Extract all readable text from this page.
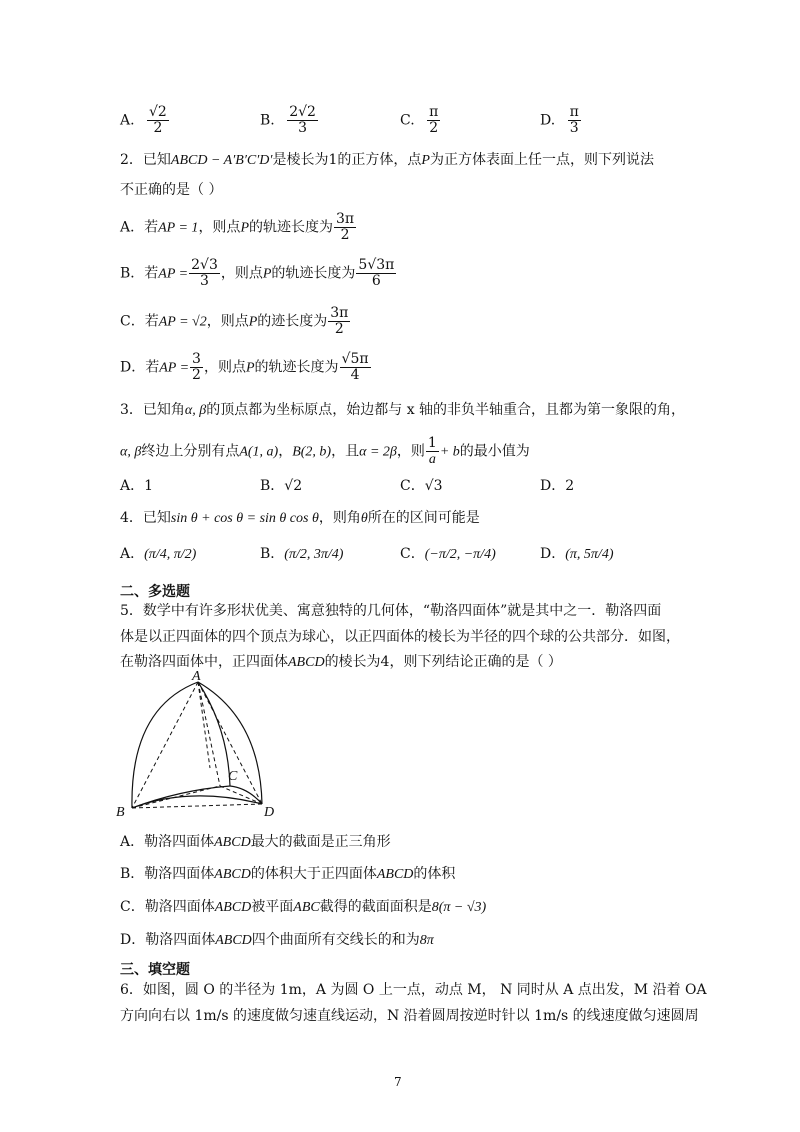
A. $\frac{√2}{2}$	B. $\frac{2√2}{3}$	C. $\frac{\pi}{2}$	D. $\frac{\pi}{3}$
2．已知ABCD − A′B′C′D′是棱长为1的正方体，点P为正方体表面上任一点，则下列说法
不正确的是（ ）
A．若AP = 1，则点P的轨迹长度为 $\frac{3\pi}{2}$
B．若AP = $\frac{2√3}{3}$ ，则点P的轨迹长度为 $\frac{5√3\pi}{6}$
C．若AP = √2，则点P的迹长度为 $\frac{3\pi}{2}$
D．若AP = $\frac{3}{2}$ ，则点P的轨迹长度为 $\frac{√5\pi}{4}$
3．已知角α, β的顶点都为坐标原点，始边都与 x 轴的非负半轴重合，且都为第一象限的角，
α, β终边上分别有点A(1, a)，B(2, b)，且α = 2β，则 $\frac{1}{a} + b$的最小值为
A．1	B．√2	C．√3	D．2
4．已知sin θ + cos θ = sin θ cos θ，则角θ所在的区间可能是
A．(π/4, π/2)	B．(π/2, 3π/4)	C．(−π/2, −π/4)	D．(π, 5π/4)
二、多选题
5．数学中有许多形状优美、寓意独特的几何体，“勒洛四面体”就是其中之一．勒洛四面
体是以正四面体的四个顶点为球心，以正四面体的棱长为半径的四个球的公共部分．如图，
在勒洛四面体中，正四面体ABCD的棱长为4，则下列结论正确的是（ ）
A
B
C
D
A．勒洛四面体ABCD最大的截面是正三角形
B．勒洛四面体ABCD的体积大于正四面体ABCD的体积
C．勒洛四面体ABCD被平面ABC截得的截面面积是8(π − √3)
D．勒洛四面体ABCD四个曲面所有交线长的和为8π
三、填空题
6．如图，圆 O 的半径为 1m，A 为圆 O 上一点，动点 M， N 同时从 A 点出发，M 沿着 OA
方向向右以 1m/s 的速度做匀速直线运动，N 沿着圆周按逆时针以 1m/s 的线速度做匀速圆周
7
